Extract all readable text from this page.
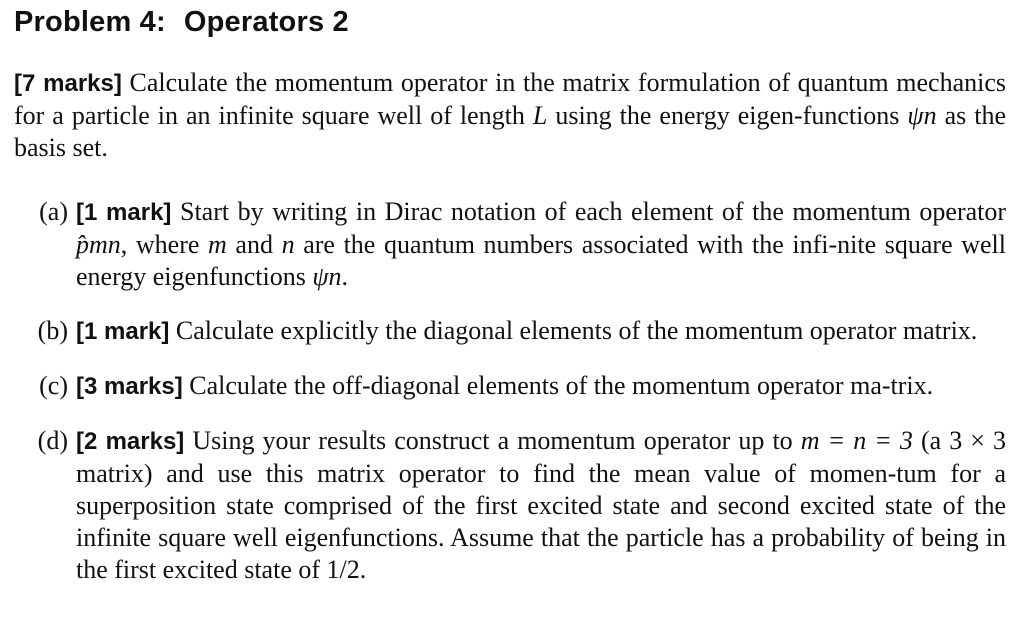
Problem 4: Operators 2
[7 marks] Calculate the momentum operator in the matrix formulation of quantum mechanics for a particle in an infinite square well of length L using the energy eigen-functions ψn as the basis set.
(a) [1 mark] Start by writing in Dirac notation of each element of the momentum operator p̂mn, where m and n are the quantum numbers associated with the infi-nite square well energy eigenfunctions ψn.
(b) [1 mark] Calculate explicitly the diagonal elements of the momentum operator matrix.
(c) [3 marks] Calculate the off-diagonal elements of the momentum operator ma-trix.
(d) [2 marks] Using your results construct a momentum operator up to m = n = 3 (a 3 × 3 matrix) and use this matrix operator to find the mean value of momen-tum for a superposition state comprised of the first excited state and second excited state of the infinite square well eigenfunctions. Assume that the particle has a probability of being in the first excited state of 1/2.
